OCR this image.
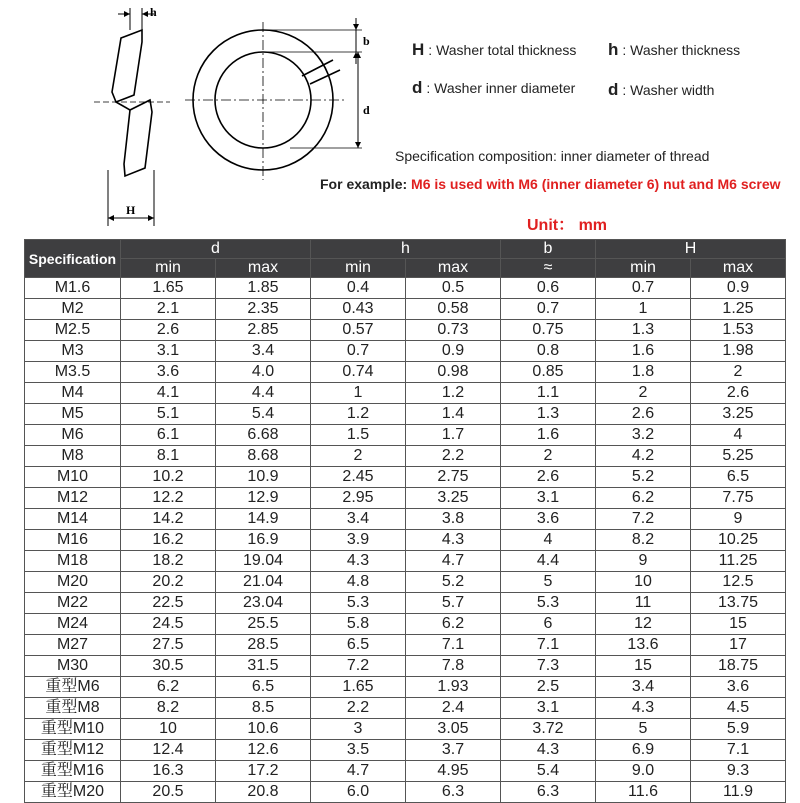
h
H
b
d
H : Washer total thickness h : Washer thickness
d : Washer inner diameter d : Washer width
Specification composition: inner diameter of thread
For example: M6 is used with M6 (inner diameter 6) nut and M6 screw
Unit： mm
Specification	d		h		b	H	
	min	max	min	max	≈	min	max
M1.6	1.65	1.85	0.4	0.5	0.6	0.7	0.9
M2	2.1	2.35	0.43	0.58	0.7	1	1.25
M2.5	2.6	2.85	0.57	0.73	0.75	1.3	1.53
M3	3.1	3.4	0.7	0.9	0.8	1.6	1.98
M3.5	3.6	4.0	0.74	0.98	0.85	1.8	2
M4	4.1	4.4	1	1.2	1.1	2	2.6
M5	5.1	5.4	1.2	1.4	1.3	2.6	3.25
M6	6.1	6.68	1.5	1.7	1.6	3.2	4
M8	8.1	8.68	2	2.2	2	4.2	5.25
M10	10.2	10.9	2.45	2.75	2.6	5.2	6.5
M12	12.2	12.9	2.95	3.25	3.1	6.2	7.75
M14	14.2	14.9	3.4	3.8	3.6	7.2	9
M16	16.2	16.9	3.9	4.3	4	8.2	10.25
M18	18.2	19.04	4.3	4.7	4.4	9	11.25
M20	20.2	21.04	4.8	5.2	5	10	12.5
M22	22.5	23.04	5.3	5.7	5.3	11	13.75
M24	24.5	25.5	5.8	6.2	6	12	15
M27	27.5	28.5	6.5	7.1	7.1	13.6	17
M30	30.5	31.5	7.2	7.8	7.3	15	18.75
重型M6	6.2	6.5	1.65	1.93	2.5	3.4	3.6
重型M8	8.2	8.5	2.2	2.4	3.1	4.3	4.5
重型M10	10	10.6	3	3.05	3.72	5	5.9
重型M12	12.4	12.6	3.5	3.7	4.3	6.9	7.1
重型M16	16.3	17.2	4.7	4.95	5.4	9.0	9.3
重型M20	20.5	20.8	6.0	6.3	6.3	11.6	11.9
